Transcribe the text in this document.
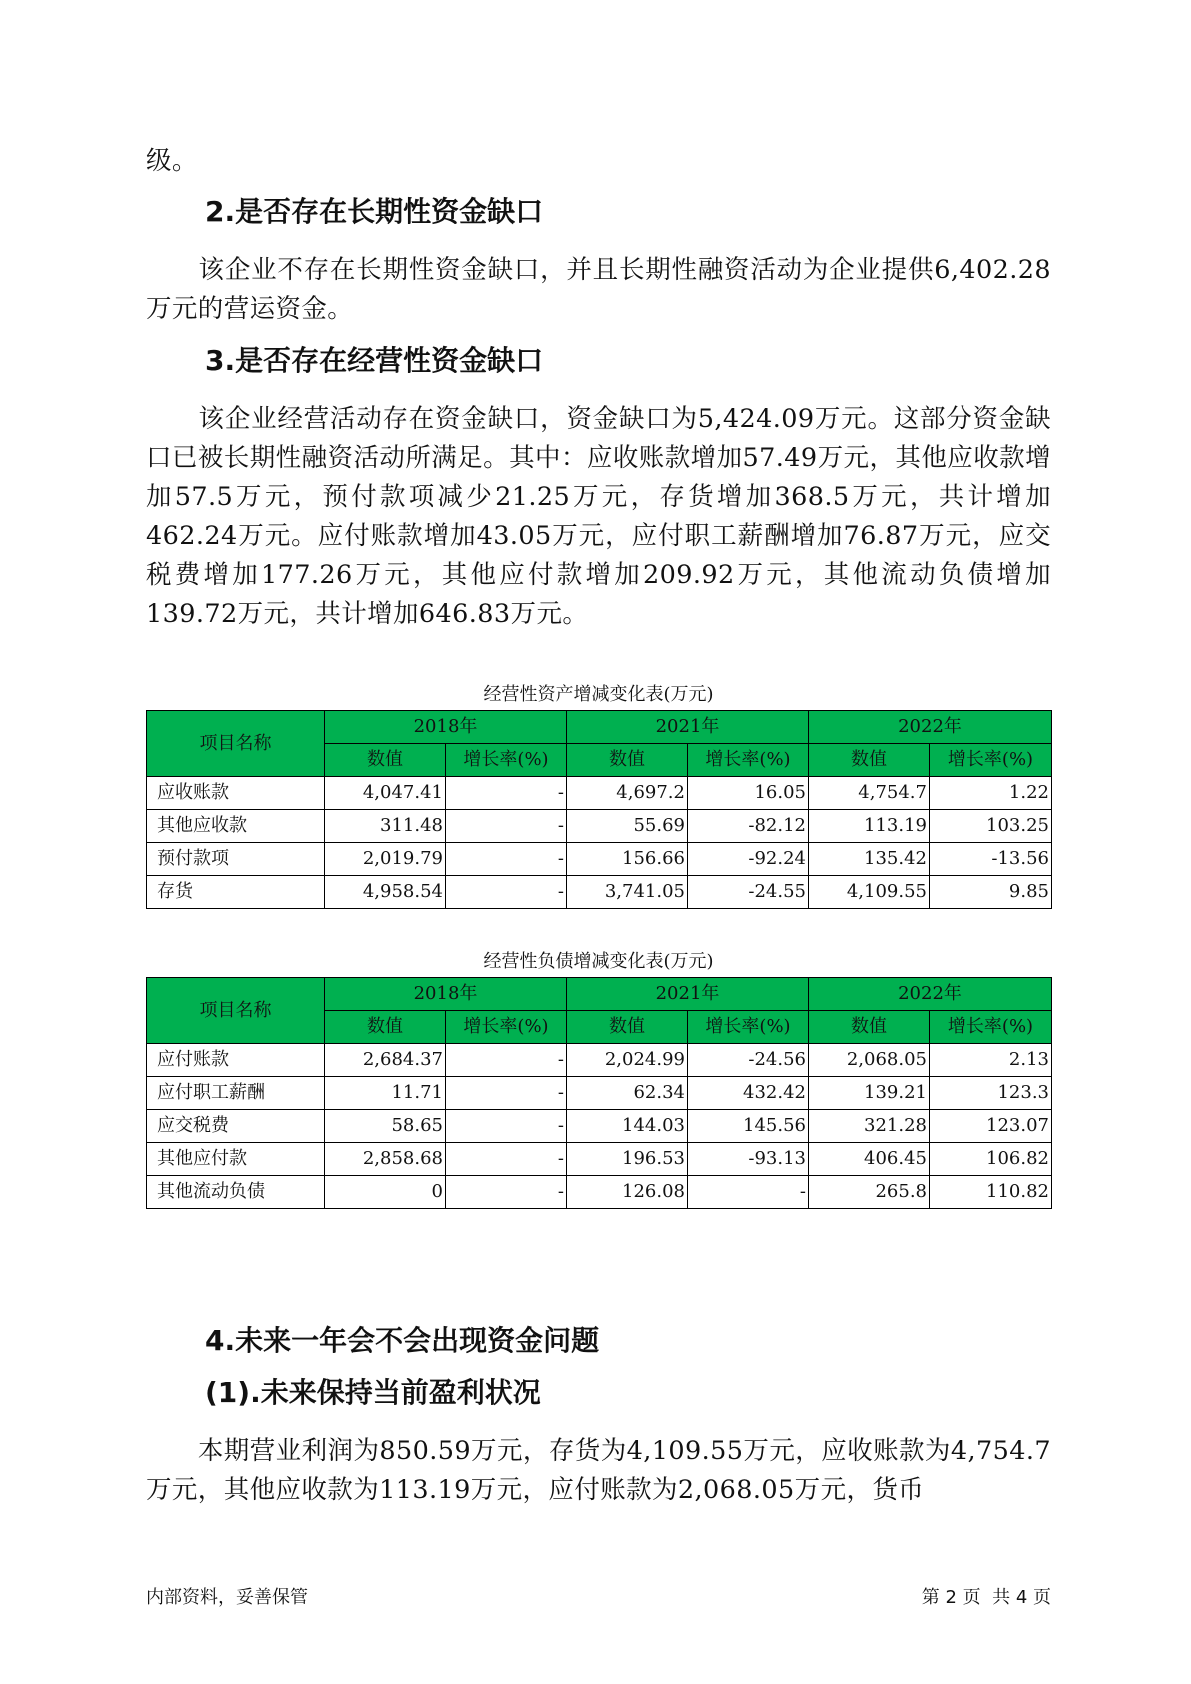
级。
2.是否存在长期性资金缺口
　　该企业不存在长期性资金缺口，并且长期性融资活动为企业提供6,402.28万元的营运资金。
3.是否存在经营性资金缺口
　　该企业经营活动存在资金缺口，资金缺口为5,424.09万元。这部分资金缺口已被长期性融资活动所满足。其中：应收账款增加57.49万元，其他应收款增加57.5万元，预付款项减少21.25万元，存货增加368.5万元，共计增加462.24万元。应付账款增加43.05万元，应付职工薪酬增加76.87万元，应交税费增加177.26万元，其他应付款增加209.92万元，其他流动负债增加139.72万元，共计增加646.83万元。
经营性资产增减变化表(万元)
项目名称	2018年		2021年		2022年	
	数值	增长率(%)	数值	增长率(%)	数值	增长率(%)
应收账款	4,047.41	-	4,697.2	16.05	4,754.7	1.22
其他应收款	311.48	-	55.69	-82.12	113.19	103.25
预付款项	2,019.79	-	156.66	-92.24	135.42	-13.56
存货	4,958.54	-	3,741.05	-24.55	4,109.55	9.85
经营性负债增减变化表(万元)
项目名称	2018年		2021年		2022年	
	数值	增长率(%)	数值	增长率(%)	数值	增长率(%)
应付账款	2,684.37	-	2,024.99	-24.56	2,068.05	2.13
应付职工薪酬	11.71	-	62.34	432.42	139.21	123.3
应交税费	58.65	-	144.03	145.56	321.28	123.07
其他应付款	2,858.68	-	196.53	-93.13	406.45	106.82
其他流动负债	0	-	126.08	-	265.8	110.82
4.未来一年会不会出现资金问题
(1).未来保持当前盈利状况
　　本期营业利润为850.59万元，存货为4,109.55万元，应收账款为4,754.7万元，其他应收款为113.19万元，应付账款为2,068.05万元，货币
内部资料，妥善保管	第 2 页  共 4 页
